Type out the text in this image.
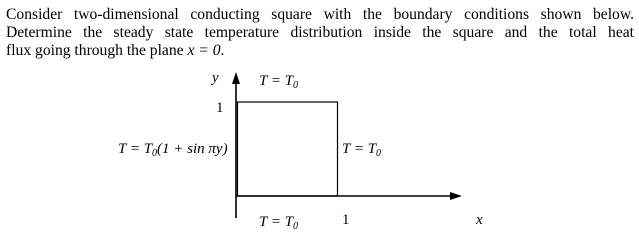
Consider two-dimensional conducting square with the boundary conditions shown below.
Determine the steady state temperature distribution inside the square and the total heat
flux going through the plane x = 0.
y
1
$T = T_0$
$T = T_0(1 + \sin \pi y)$	$T = T_0$
$T = T_0$	1	x
